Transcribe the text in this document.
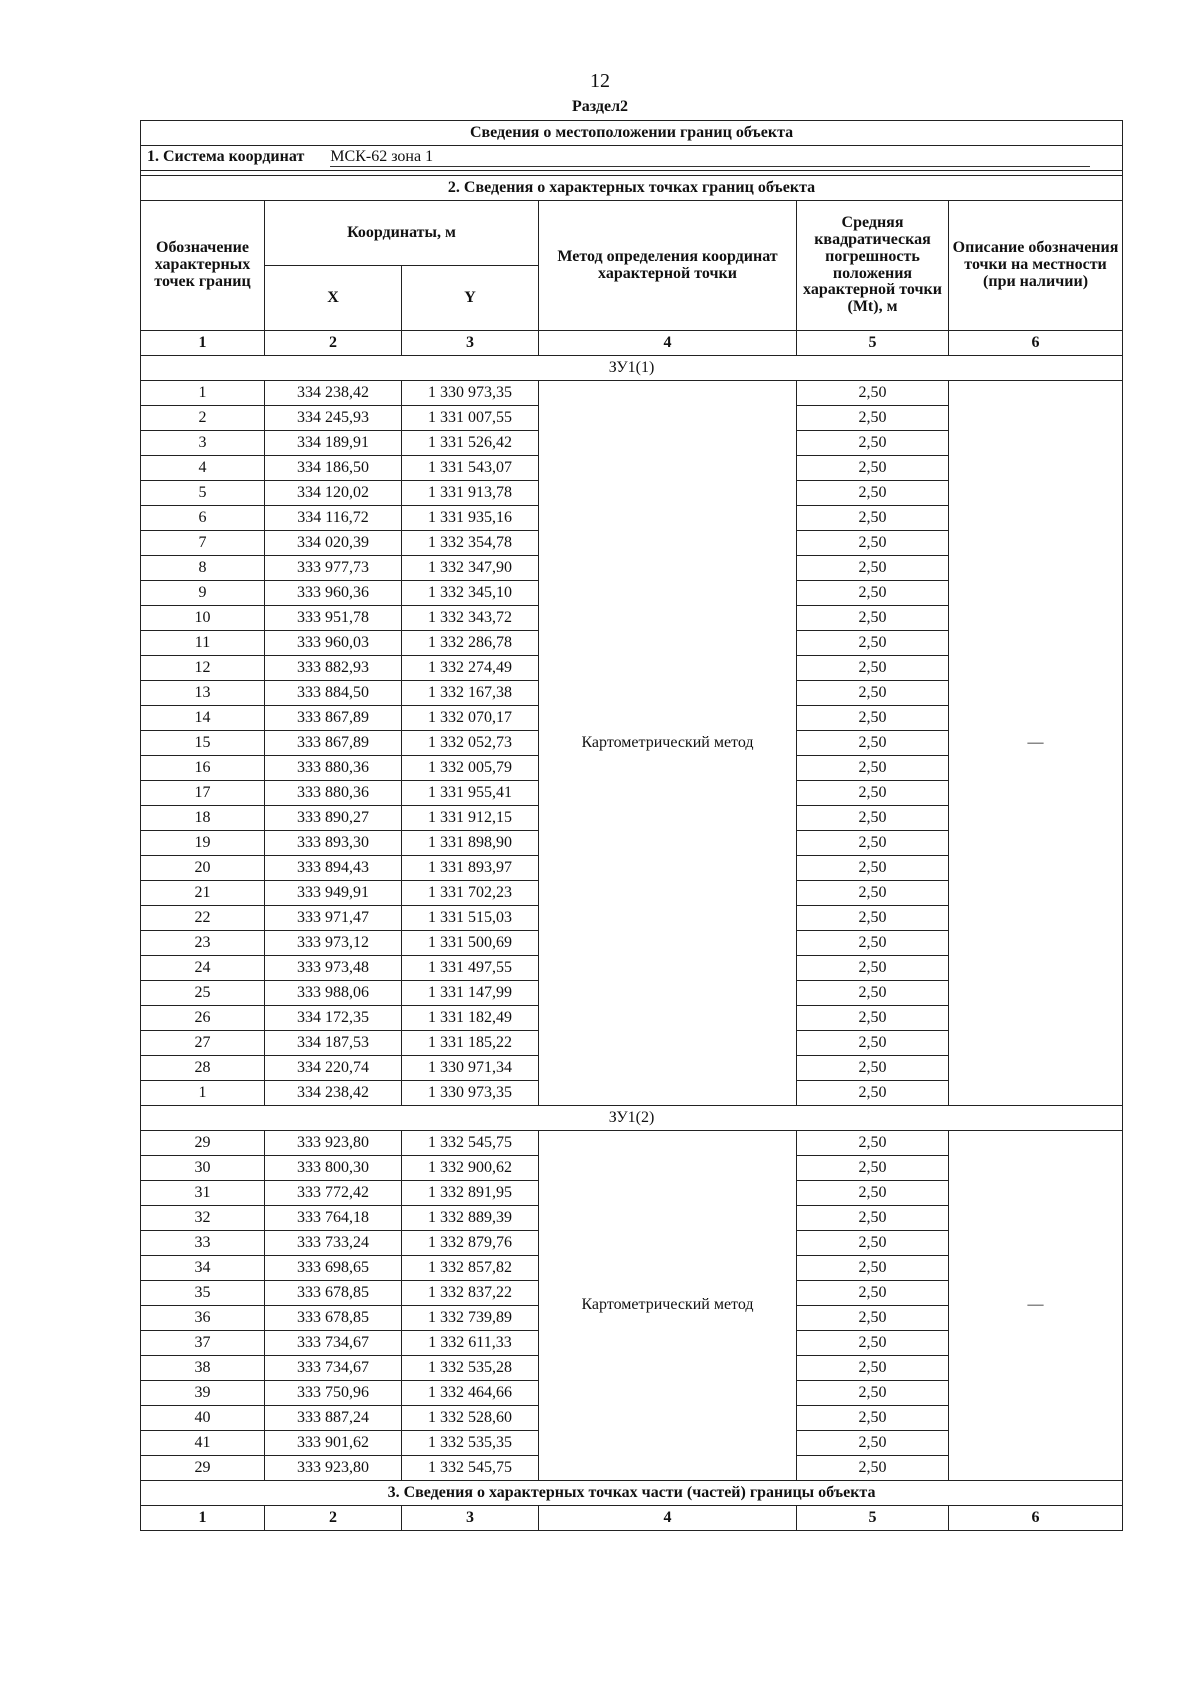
12
Раздел2
Сведения о местоположении границ объекта					
1. Система координат МСК-62 зона 1					

2. Сведения о характерных точках границ объекта					
Обозначение характерных точек границ	Координаты, м		Метод определения координат характерной точки	Средняя квадратическая погрешность положения характерной точки (Mt), м	Описание обозначения точки на местности (при наличии)
	X	Y			
1	2	3	4	5	6
ЗУ1(1)					
1	334 238,42	1 330 973,35	Картометрический метод	2,50	—
2	334 245,93	1 331 007,55		2,50	
3	334 189,91	1 331 526,42		2,50	
4	334 186,50	1 331 543,07		2,50	
5	334 120,02	1 331 913,78		2,50	
6	334 116,72	1 331 935,16		2,50	
7	334 020,39	1 332 354,78		2,50	
8	333 977,73	1 332 347,90		2,50	
9	333 960,36	1 332 345,10		2,50	
10	333 951,78	1 332 343,72		2,50	
11	333 960,03	1 332 286,78		2,50	
12	333 882,93	1 332 274,49		2,50	
13	333 884,50	1 332 167,38		2,50	
14	333 867,89	1 332 070,17		2,50	
15	333 867,89	1 332 052,73		2,50	
16	333 880,36	1 332 005,79		2,50	
17	333 880,36	1 331 955,41		2,50	
18	333 890,27	1 331 912,15		2,50	
19	333 893,30	1 331 898,90		2,50	
20	333 894,43	1 331 893,97		2,50	
21	333 949,91	1 331 702,23		2,50	
22	333 971,47	1 331 515,03		2,50	
23	333 973,12	1 331 500,69		2,50	
24	333 973,48	1 331 497,55		2,50	
25	333 988,06	1 331 147,99		2,50	
26	334 172,35	1 331 182,49		2,50	
27	334 187,53	1 331 185,22		2,50	
28	334 220,74	1 330 971,34		2,50	
1	334 238,42	1 330 973,35		2,50	
ЗУ1(2)					
29	333 923,80	1 332 545,75	Картометрический метод	2,50	—
30	333 800,30	1 332 900,62		2,50	
31	333 772,42	1 332 891,95		2,50	
32	333 764,18	1 332 889,39		2,50	
33	333 733,24	1 332 879,76		2,50	
34	333 698,65	1 332 857,82		2,50	
35	333 678,85	1 332 837,22		2,50	
36	333 678,85	1 332 739,89		2,50	
37	333 734,67	1 332 611,33		2,50	
38	333 734,67	1 332 535,28		2,50	
39	333 750,96	1 332 464,66		2,50	
40	333 887,24	1 332 528,60		2,50	
41	333 901,62	1 332 535,35		2,50	
29	333 923,80	1 332 545,75		2,50	
3. Сведения о характерных точках части (частей) границы объекта					
1	2	3	4	5	6
